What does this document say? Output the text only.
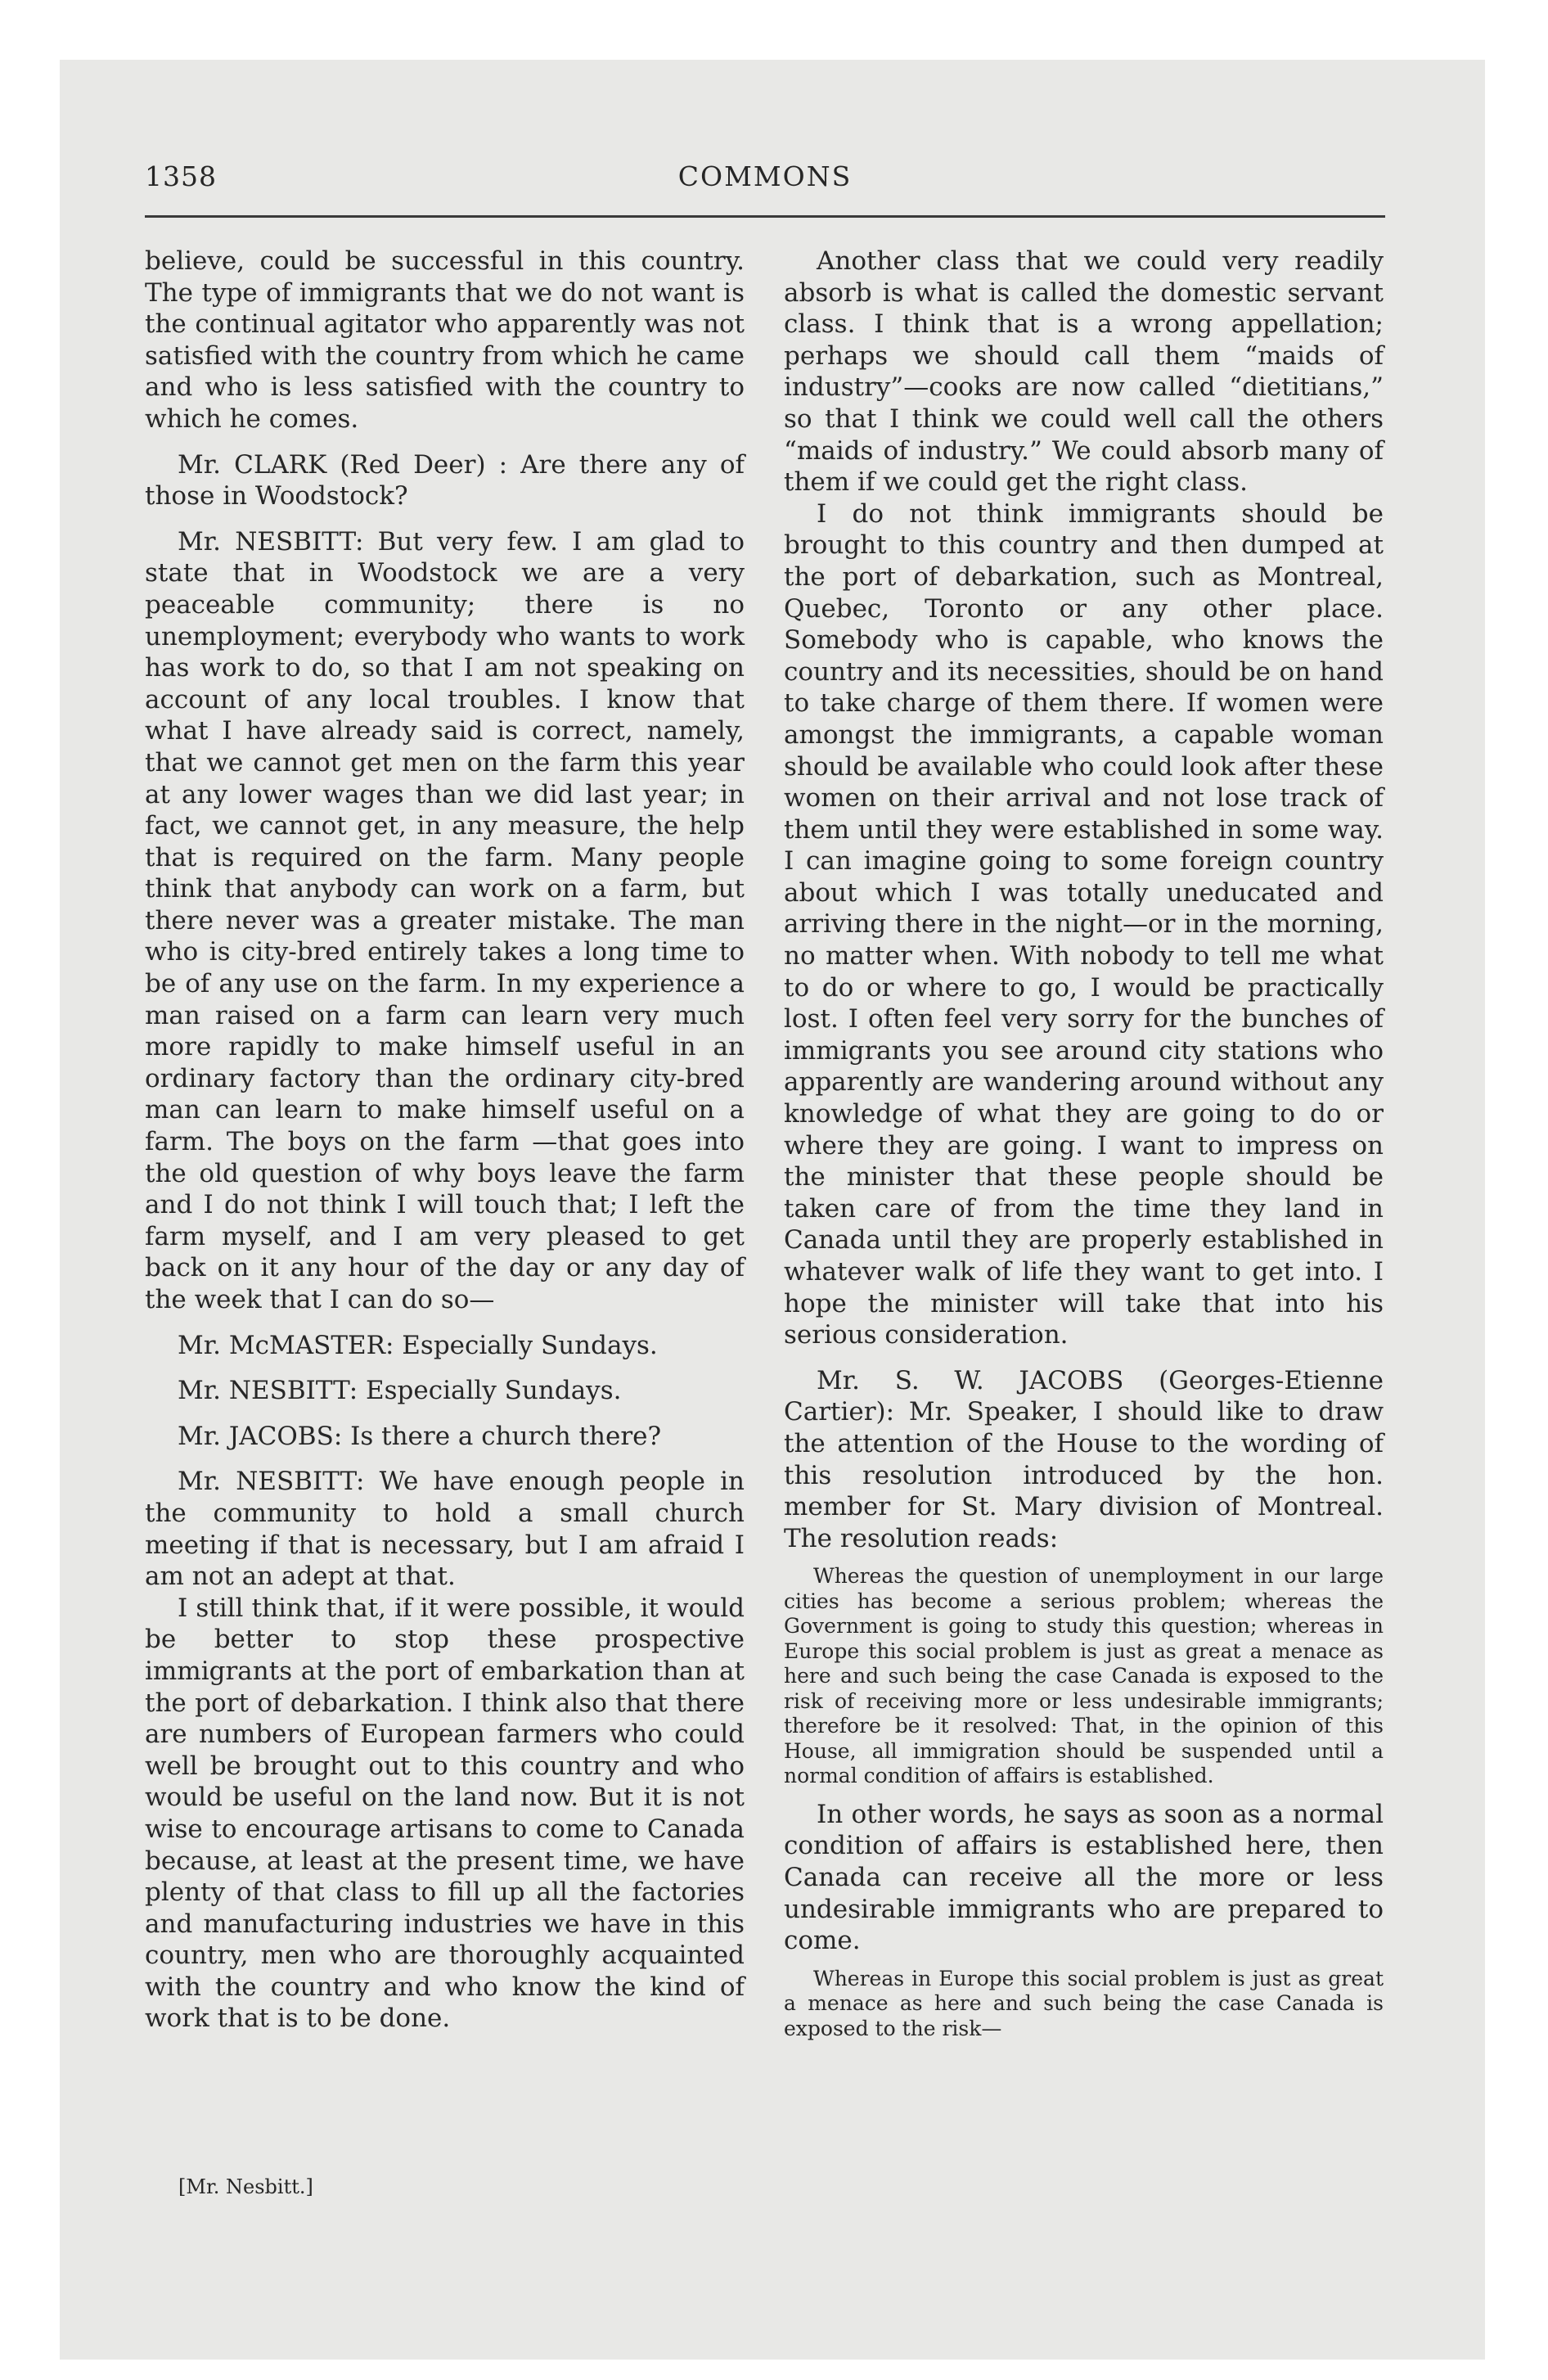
1358	COMMONS

believe, could be successful in this country. The type of immigrants that we do not want is the continual agitator who apparently was not satisfied with the country from which he came and who is less satisfied with the country to which he comes.

Mr. CLARK (Red Deer) : Are there any of those in Woodstock?

Mr. NESBITT: But very few. I am glad to state that in Woodstock we are a very peaceable community; there is no unemployment; everybody who wants to work has work to do, so that I am not speaking on account of any local troubles. I know that what I have already said is correct, namely, that we cannot get men on the farm this year at any lower wages than we did last year; in fact, we cannot get, in any measure, the help that is required on the farm. Many people think that anybody can work on a farm, but there never was a greater mistake. The man who is city-bred entirely takes a long time to be of any use on the farm. In my experience a man raised on a farm can learn very much more rapidly to make himself useful in an ordinary factory than the ordinary city-bred man can learn to make himself useful on a farm. The boys on the farm —that goes into the old question of why boys leave the farm and I do not think I will touch that; I left the farm myself, and I am very pleased to get back on it any hour of the day or any day of the week that I can do so—

Mr. McMASTER: Especially Sundays.

Mr. NESBITT: Especially Sundays.

Mr. JACOBS: Is there a church there?

Mr. NESBITT: We have enough people in the community to hold a small church meeting if that is necessary, but I am afraid I am not an adept at that.

I still think that, if it were possible, it would be better to stop these prospective immigrants at the port of embarkation than at the port of debarkation. I think also that there are numbers of European farmers who could well be brought out to this country and who would be useful on the land now. But it is not wise to encourage artisans to come to Canada because, at least at the present time, we have plenty of that class to fill up all the factories and manufacturing industries we have in this country, men who are thoroughly acquainted with the country and who know the kind of work that is to be done.

[Mr. Nesbitt.]

Another class that we could very readily absorb is what is called the domestic servant class. I think that is a wrong appellation; perhaps we should call them “maids of industry”—cooks are now called “dietitians,” so that I think we could well call the others “maids of industry.” We could absorb many of them if we could get the right class.

I do not think immigrants should be brought to this country and then dumped at the port of debarkation, such as Montreal, Quebec, Toronto or any other place. Somebody who is capable, who knows the country and its necessities, should be on hand to take charge of them there. If women were amongst the immigrants, a capable woman should be available who could look after these women on their arrival and not lose track of them until they were established in some way. I can imagine going to some foreign country about which I was totally uneducated and arriving there in the night—or in the morning, no matter when. With nobody to tell me what to do or where to go, I would be practically lost. I often feel very sorry for the bunches of immigrants you see around city stations who apparently are wandering around without any knowledge of what they are going to do or where they are going. I want to impress on the minister that these people should be taken care of from the time they land in Canada until they are properly established in whatever walk of life they want to get into. I hope the minister will take that into his serious consideration.

Mr. S. W. JACOBS (Georges-Etienne Cartier): Mr. Speaker, I should like to draw the attention of the House to the wording of this resolution introduced by the hon. member for St. Mary division of Montreal. The resolution reads:

Whereas the question of unemployment in our large cities has become a serious problem; whereas the Government is going to study this question; whereas in Europe this social problem is just as great a menace as here and such being the case Canada is exposed to the risk of receiving more or less undesirable immigrants; therefore be it resolved: That, in the opinion of this House, all immigration should be suspended until a normal condition of affairs is established.

In other words, he says as soon as a normal condition of affairs is established here, then Canada can receive all the more or less undesirable immigrants who are prepared to come.

Whereas in Europe this social problem is just as great a menace as here and such being the case Canada is exposed to the risk—
